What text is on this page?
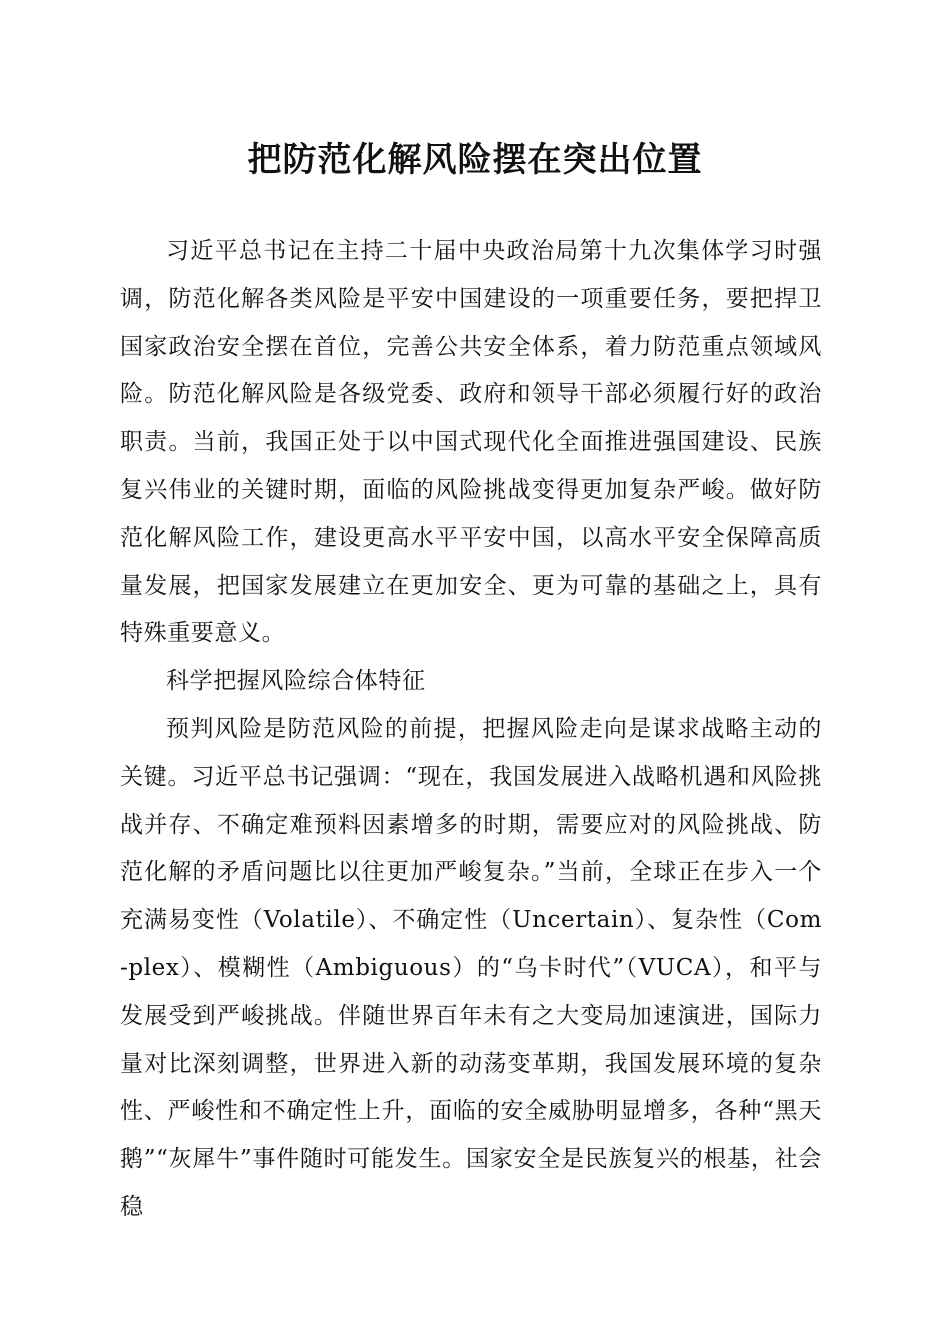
把防范化解风险摆在突出位置

习近平总书记在主持二十届中央政治局第十九次集体学习时强调，防范化解各类风险是平安中国建设的一项重要任务，要把捍卫国家政治安全摆在首位，完善公共安全体系，着力防范重点领域风险。防范化解风险是各级党委、政府和领导干部必须履行好的政治职责。当前，我国正处于以中国式现代化全面推进强国建设、民族复兴伟业的关键时期，面临的风险挑战变得更加复杂严峻。做好防范化解风险工作，建设更高水平平安中国，以高水平安全保障高质量发展，把国家发展建立在更加安全、更为可靠的基础之上，具有特殊重要意义。

科学把握风险综合体特征

预判风险是防范风险的前提，把握风险走向是谋求战略主动的关键。习近平总书记强调：“现在，我国发展进入战略机遇和风险挑战并存、不确定难预料因素增多的时期，需要应对的风险挑战、防范化解的矛盾问题比以往更加严峻复杂。”当前，全球正在步入一个充满易变性（Volatile）、不确定性（Uncertain）、复杂性（Com-plex）、模糊性（Ambiguous）的“乌卡时代”（VUCA），和平与发展受到严峻挑战。伴随世界百年未有之大变局加速演进，国际力量对比深刻调整，世界进入新的动荡变革期，我国发展环境的复杂性、严峻性和不确定性上升，面临的安全威胁明显增多，各种“黑天鹅”“灰犀牛”事件随时可能发生。国家安全是民族复兴的根基，社会稳
